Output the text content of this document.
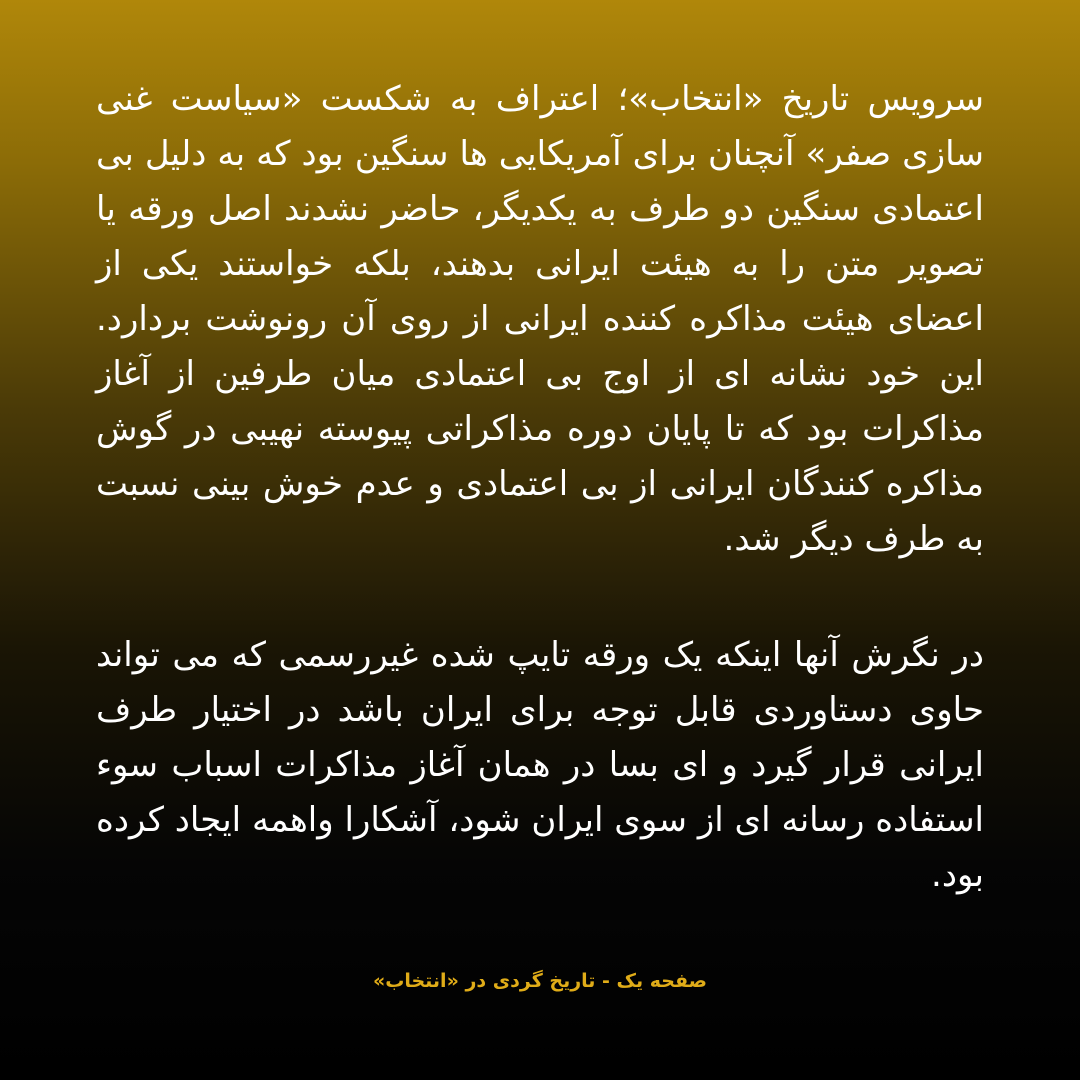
سرویس تاریخ «انتخاب»؛ اعتراف به شکست «سیاست غنی سازی صفر» آنچنان برای آمریکایی ها سنگین بود که به دلیل بی اعتمادی سنگین دو طرف به یکدیگر، حاضر نشدند اصل ورقه یا تصویر متن را به هیئت ایرانی بدهند، بلکه خواستند یکی از اعضای هیئت مذاکره کننده ایرانی از روی آن رونوشت بردارد. این خود نشانه ای از اوج بی اعتمادی میان طرفین از آغاز مذاکرات بود که تا پایان دوره مذاکراتی پیوسته نهیبی در گوش مذاکره کنندگان ایرانی از بی اعتمادی و عدم خوش بینی نسبت به طرف دیگر شد.

در نگرش آنها اینکه یک ورقه تایپ شده غیررسمی که می تواند حاوی دستاوردی قابل توجه برای ایران باشد در اختیار طرف ایرانی قرار گیرد و ای بسا در همان آغاز مذاکرات اسباب سوء استفاده رسانه ای از سوی ایران شود، آشکارا واهمه ایجاد کرده بود.

صفحه یک - تاریخ گردی در «انتخاب»
